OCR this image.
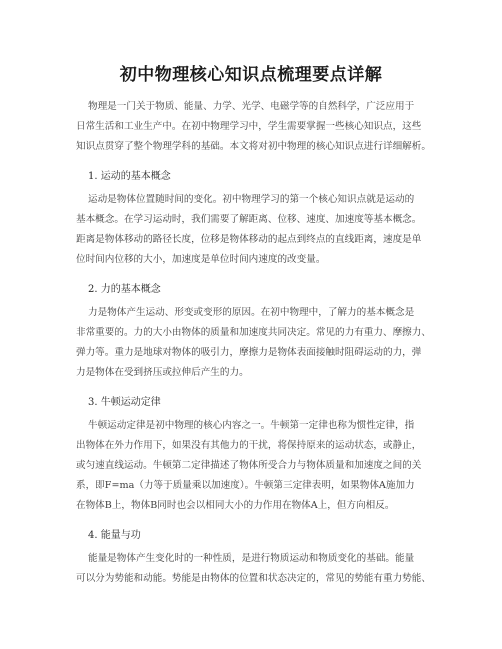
初中物理核心知识点梳理要点详解
物理是一门关于物质、能量、力学、光学、电磁学等的自然科学，广泛应用于
日常生活和工业生产中。在初中物理学习中，学生需要掌握一些核心知识点，这些
知识点贯穿了整个物理学科的基础。本文将对初中物理的核心知识点进行详细解析。
1. 运动的基本概念
运动是物体位置随时间的变化。初中物理学习的第一个核心知识点就是运动的
基本概念。在学习运动时，我们需要了解距离、位移、速度、加速度等基本概念。
距离是物体移动的路径长度，位移是物体移动的起点到终点的直线距离，速度是单
位时间内位移的大小，加速度是单位时间内速度的改变量。
2. 力的基本概念
力是物体产生运动、形变或变形的原因。在初中物理中，了解力的基本概念是
非常重要的。力的大小由物体的质量和加速度共同决定。常见的力有重力、摩擦力、
弹力等。重力是地球对物体的吸引力，摩擦力是物体表面接触时阻碍运动的力，弹
力是物体在受到挤压或拉伸后产生的力。
3. 牛顿运动定律
牛顿运动定律是初中物理的核心内容之一。牛顿第一定律也称为惯性定律，指
出物体在外力作用下，如果没有其他力的干扰，将保持原来的运动状态，或静止，
或匀速直线运动。牛顿第二定律描述了物体所受合力与物体质量和加速度之间的关
系，即F=ma（力等于质量乘以加速度）。牛顿第三定律表明，如果物体A施加力
在物体B上，物体B同时也会以相同大小的力作用在物体A上，但方向相反。
4. 能量与功
能量是物体产生变化时的一种性质，是进行物质运动和物质变化的基础。能量
可以分为势能和动能。势能是由物体的位置和状态决定的，常见的势能有重力势能、
